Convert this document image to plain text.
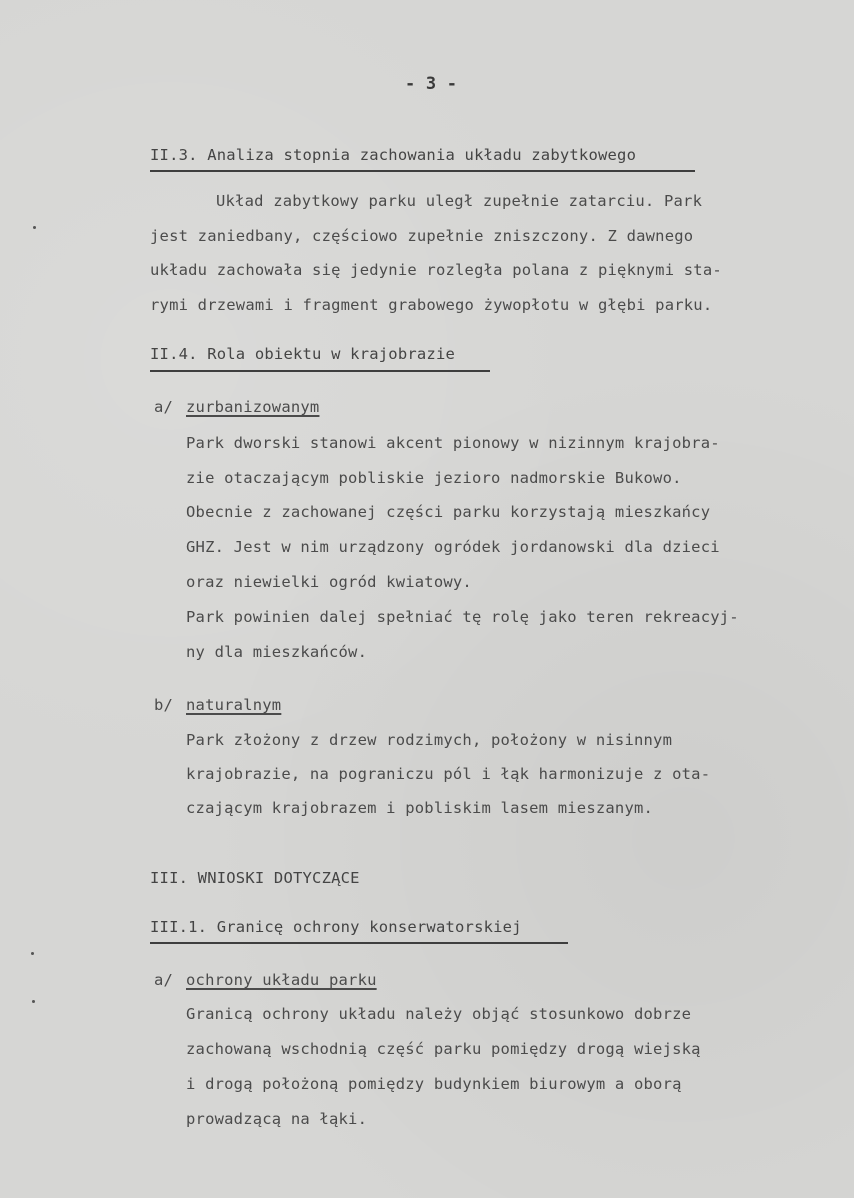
- 3 -
II.3. Analiza stopnia zachowania układu zabytkowego
Układ zabytkowy parku uległ zupełnie zatarciu. Park
jest zaniedbany, częściowo zupełnie zniszczony. Z dawnego
układu zachowała się jedynie rozległa polana z pięknymi sta-
rymi drzewami i fragment grabowego żywopłotu w głębi parku.
II.4. Rola obiektu w krajobrazie
a/ zurbanizowanym
Park dworski stanowi akcent pionowy w nizinnym krajobra-
zie otaczającym pobliskie jezioro nadmorskie Bukowo.
Obecnie z zachowanej części parku korzystają mieszkańcy
GHZ. Jest w nim urządzony ogródek jordanowski dla dzieci
oraz niewielki ogród kwiatowy.
Park powinien dalej spełniać tę rolę jako teren rekreacyj-
ny dla mieszkańców.
b/ naturalnym
Park złożony z drzew rodzimych, położony w nisinnym
krajobrazie, na pograniczu pól i łąk harmonizuje z ota-
czającym krajobrazem i pobliskim lasem mieszanym.
III. WNIOSKI DOTYCZĄCE
III.1. Granicę ochrony konserwatorskiej
a/ ochrony układu parku
Granicą ochrony układu należy objąć stosunkowo dobrze
zachowaną wschodnią część parku pomiędzy drogą wiejską
i drogą położoną pomiędzy budynkiem biurowym a oborą
prowadzącą na łąki.
